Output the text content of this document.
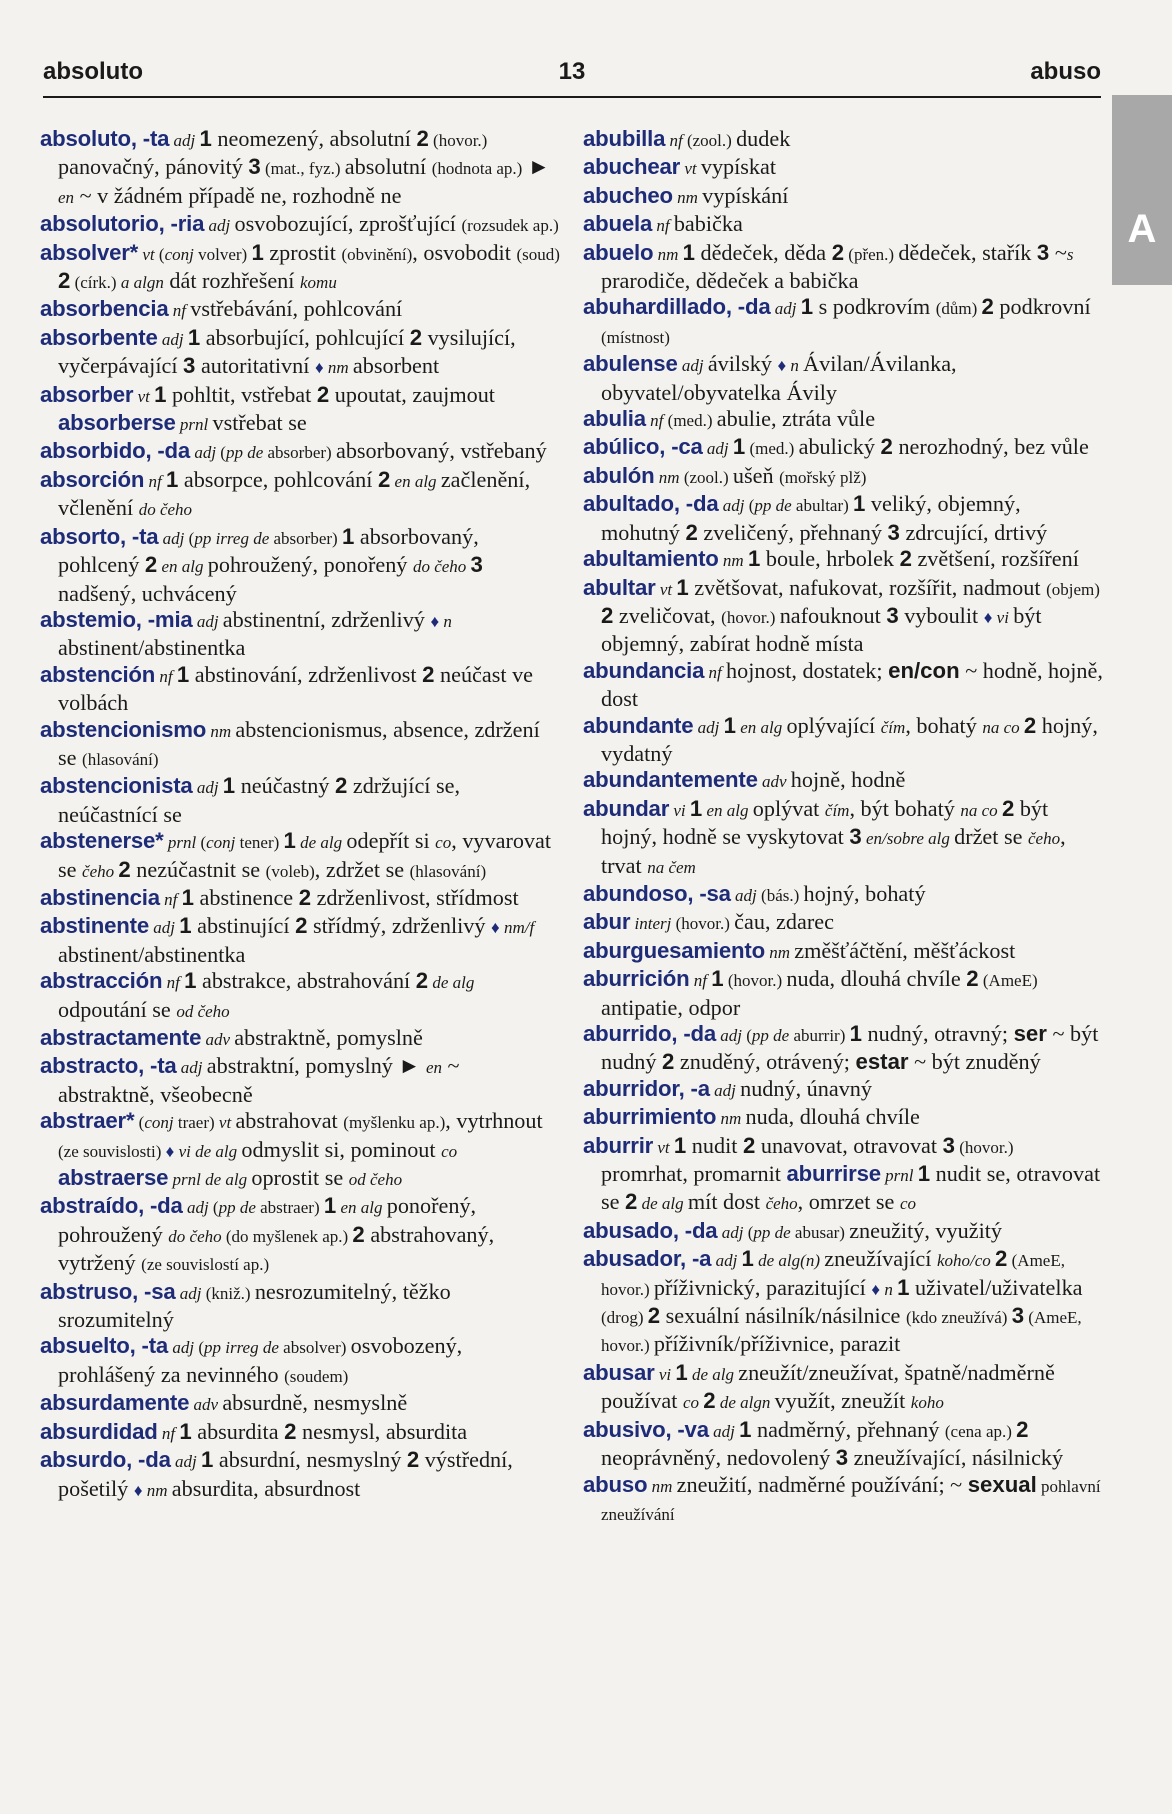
absoluto	13	abuso
A
absoluto, -ta adj 1 neomezený, absolutní 2 (hovor.) panovačný, pánovitý 3 (mat., fyz.) absolutní (hodnota ap.) ► en ~ v žádném případě ne, rozhodně ne
absolutorio, -ria adj osvobozující, zprošťující (rozsudek ap.)
absolver* vt (conj volver) 1 zprostit (obvinění), osvobodit (soud) 2 (círk.) a algn dát rozhřešení komu
absorbencia nf vstřebávání, pohlcování
absorbente adj 1 absorbující, pohlcující 2 vysilující, vyčerpávající 3 autoritativní ♦ nm absorbent
absorber vt 1 pohltit, vstřebat 2 upoutat, zaujmout absorberse prnl vstřebat se
absorbido, -da adj (pp de absorber) absorbovaný, vstřebaný
absorción nf 1 absorpce, pohlcování 2 en alg začlenění, včlenění do čeho
absorto, -ta adj (pp irreg de absorber) 1 absorbovaný, pohlcený 2 en alg pohroužený, ponořený do čeho 3 nadšený, uchvácený
abstemio, -mia adj abstinentní, zdrženlivý ♦ n abstinent/abstinentka
abstención nf 1 abstinování, zdrženlivost 2 neúčast ve volbách
abstencionismo nm abstencionismus, absence, zdržení se (hlasování)
abstencionista adj 1 neúčastný 2 zdržující se, neúčastnící se
abstenerse* prnl (conj tener) 1 de alg odepřít si co, vyvarovat se čeho 2 nezúčastnit se (voleb), zdržet se (hlasování)
abstinencia nf 1 abstinence 2 zdrženlivost, střídmost
abstinente adj 1 abstinující 2 střídmý, zdrženlivý ♦ nm/f abstinent/abstinentka
abstracción nf 1 abstrakce, abstrahování 2 de alg odpoutání se od čeho
abstractamente adv abstraktně, pomyslně
abstracto, -ta adj abstraktní, pomyslný ► en ~ abstraktně, všeobecně
abstraer* (conj traer) vt abstrahovat (myšlenku ap.), vytrhnout (ze souvislosti) ♦ vi de alg odmyslit si, pominout co abstraerse prnl de alg oprostit se od čeho
abstraído, -da adj (pp de abstraer) 1 en alg ponořený, pohroužený do čeho (do myšlenek ap.) 2 abstrahovaný, vytržený (ze souvislostí ap.)
abstruso, -sa adj (kniž.) nesrozumitelný, těžko srozumitelný
absuelto, -ta adj (pp irreg de absolver) osvobozený, prohlášený za nevinného (soudem)
absurdamente adv absurdně, nesmyslně
absurdidad nf 1 absurdita 2 nesmysl, absurdita
absurdo, -da adj 1 absurdní, nesmyslný 2 výstřední, pošetilý ♦ nm absurdita, absurdnost
abubilla nf (zool.) dudek
abuchear vt vypískat
abucheo nm vypískání
abuela nf babička
abuelo nm 1 dědeček, děda 2 (přen.) dědeček, stařík 3 ~s prarodiče, dědeček a babička
abuhardillado, -da adj 1 s podkrovím (dům) 2 podkrovní (místnost)
abulense adj ávilský ♦ n Ávilan/Ávilanka, obyvatel/obyvatelka Ávily
abulia nf (med.) abulie, ztráta vůle
abúlico, -ca adj 1 (med.) abulický 2 nerozhodný, bez vůle
abulón nm (zool.) ušeň (mořský plž)
abultado, -da adj (pp de abultar) 1 veliký, objemný, mohutný 2 zveličený, přehnaný 3 zdrcující, drtivý
abultamiento nm 1 boule, hrbolek 2 zvětšení, rozšíření
abultar vt 1 zvětšovat, nafukovat, rozšířit, nadmout (objem) 2 zveličovat, (hovor.) nafouknout 3 vyboulit ♦ vi být objemný, zabírat hodně místa
abundancia nf hojnost, dostatek; en/con ~ hodně, hojně, dost
abundante adj 1 en alg oplývající čím, bohatý na co 2 hojný, vydatný
abundantemente adv hojně, hodně
abundar vi 1 en alg oplývat čím, být bohatý na co 2 být hojný, hodně se vyskytovat 3 en/sobre alg držet se čeho, trvat na čem
abundoso, -sa adj (bás.) hojný, bohatý
abur interj (hovor.) čau, zdarec
aburguesamiento nm změšťáčtění, měšťáckost
aburrición nf 1 (hovor.) nuda, dlouhá chvíle 2 (AmeE) antipatie, odpor
aburrido, -da adj (pp de aburrir) 1 nudný, otravný; ser ~ být nudný 2 znuděný, otrávený; estar ~ být znuděný
aburridor, -a adj nudný, únavný
aburrimiento nm nuda, dlouhá chvíle
aburrir vt 1 nudit 2 unavovat, otravovat 3 (hovor.) promrhat, promarnit aburrirse prnl 1 nudit se, otravovat se 2 de alg mít dost čeho, omrzet se co
abusado, -da adj (pp de abusar) zneužitý, využitý
abusador, -a adj 1 de alg(n) zneužívající koho/co 2 (AmeE, hovor.) příživnický, parazitující ♦ n 1 uživatel/uživatelka (drog) 2 sexuální násilník/násilnice (kdo zneužívá) 3 (AmeE, hovor.) příživník/příživnice, parazit
abusar vi 1 de alg zneužít/zneužívat, špatně/nadměrně používat co 2 de algn využít, zneužít koho
abusivo, -va adj 1 nadměrný, přehnaný (cena ap.) 2 neoprávněný, nedovolený 3 zneužívající, násilnický
abuso nm zneužití, nadměrné používání; ~ sexual pohlavní zneužívání
